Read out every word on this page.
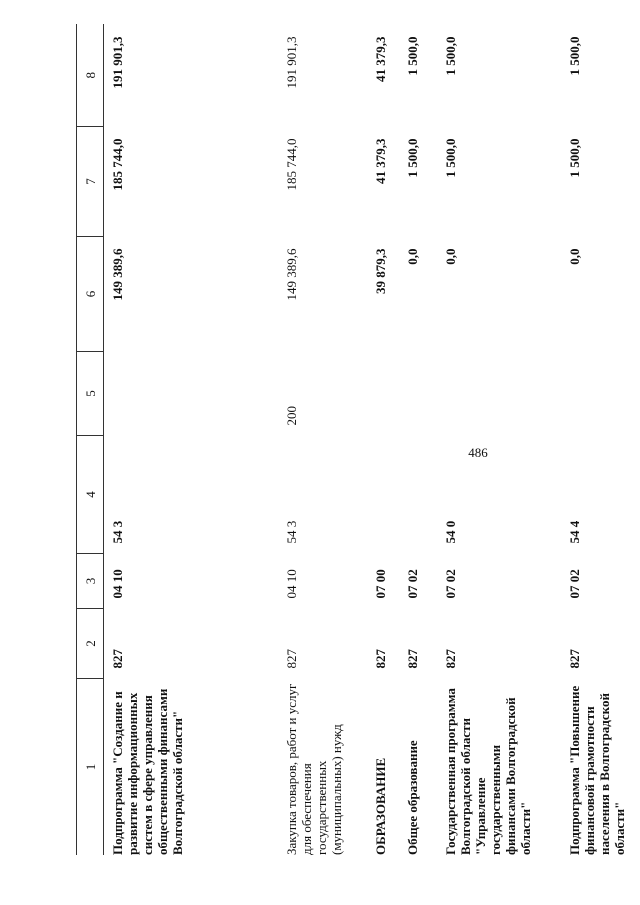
486
1	2	3	4	5	6	7	8
Подпрограмма "Создание и развитие информационных систем в сфере управления общественными финансами Волгоградской области"	827	04 10	54 3		149 389,6	185 744,0	191 901,3
Закупка товаров, работ и услуг для обеспечения государственных (муниципальных) нужд	827	04 10	54 3	200	149 389,6	185 744,0	191 901,3
ОБРАЗОВАНИЕ	827	07 00			39 879,3	41 379,3	41 379,3
Общее образование	827	07 02			0,0	1 500,0	1 500,0
Государственная программа Волгоградской области "Управление государственными финансами Волгоградской области"	827	07 02	54 0		0,0	1 500,0	1 500,0
Подпрограмма "Повышение финансовой грамотности населения в Волгоградской области"	827	07 02	54 4		0,0	1 500,0	1 500,0
